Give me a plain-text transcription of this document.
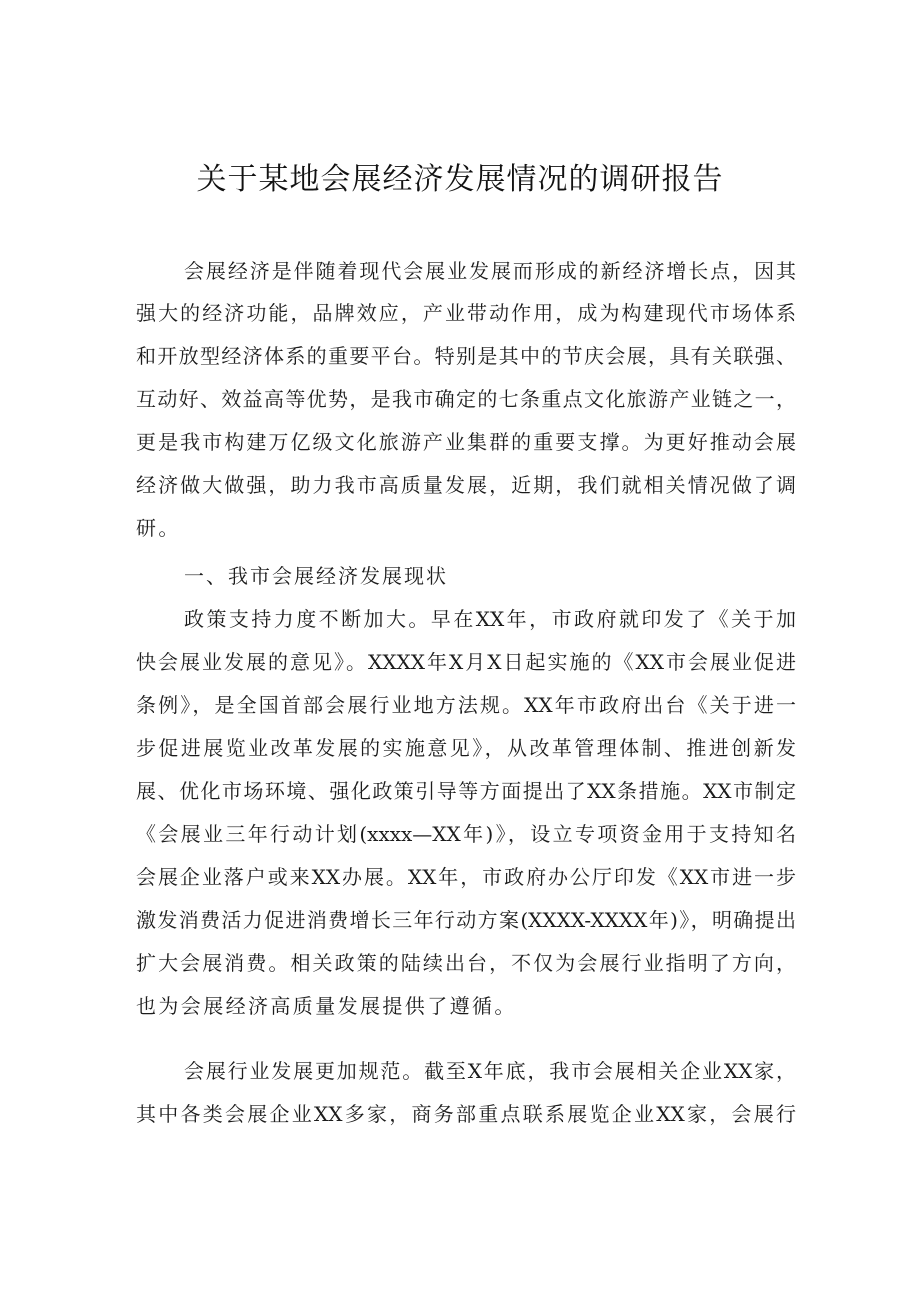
关于某地会展经济发展情况的调研报告
会展经济是伴随着现代会展业发展而形成的新经济增长点，因其
强大的经济功能，品牌效应，产业带动作用，成为构建现代市场体系
和开放型经济体系的重要平台。特别是其中的节庆会展，具有关联强、
互动好、效益高等优势，是我市确定的七条重点文化旅游产业链之一，
更是我市构建万亿级文化旅游产业集群的重要支撑。为更好推动会展
经济做大做强，助力我市高质量发展，近期，我们就相关情况做了调
研。
一、我市会展经济发展现状
政策支持力度不断加大。早在XX年，市政府就印发了《关于加
快会展业发展的意见》。XXXX年X月X日起实施的《XX市会展业促进
条例》，是全国首部会展行业地方法规。XX年市政府出台《关于进一
步促进展览业改革发展的实施意见》，从改革管理体制、推进创新发
展、优化市场环境、强化政策引导等方面提出了XX条措施。XX市制定
《会展业三年行动计划(xxxx—XX年)》，设立专项资金用于支持知名
会展企业落户或来XX办展。XX年，市政府办公厅印发《XX市进一步
激发消费活力促进消费增长三年行动方案(XXXX-XXXX年)》，明确提出
扩大会展消费。相关政策的陆续出台，不仅为会展行业指明了方向，
也为会展经济高质量发展提供了遵循。
会展行业发展更加规范。截至X年底，我市会展相关企业XX家，
其中各类会展企业XX多家，商务部重点联系展览企业XX家，会展行
